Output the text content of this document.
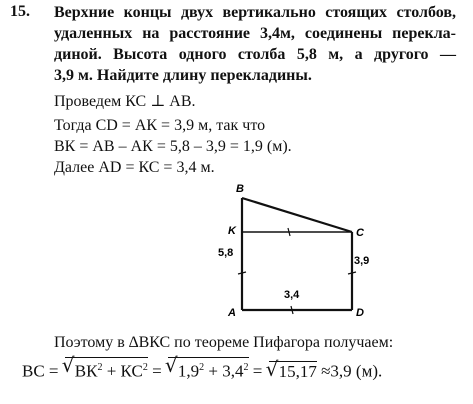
15. Верхние концы двух вертикально стоящих столбов,
удаленных на расстояние 3,4м, соединены перекла-
диной. Высота одного столба 5,8 м, а другого —
3,9 м. Найдите длину перекладины.
Проведем КС ⊥ АВ.
Тогда CD = АК = 3,9 м, так что
ВК = АВ – АК = 5,8 – 3,9 = 1,9 (м).
Далее AD = КС = 3,4 м.
B
K	C
A	D
5,8
3,9
3,4
Поэтому в ∆ВКС по теореме Пифагора получаем:
ВС = √ $ВК^2 + КС^2$ = √ $1,9^2 + 3,4^2$ = √ 15,17 ≈3,9 (м).
